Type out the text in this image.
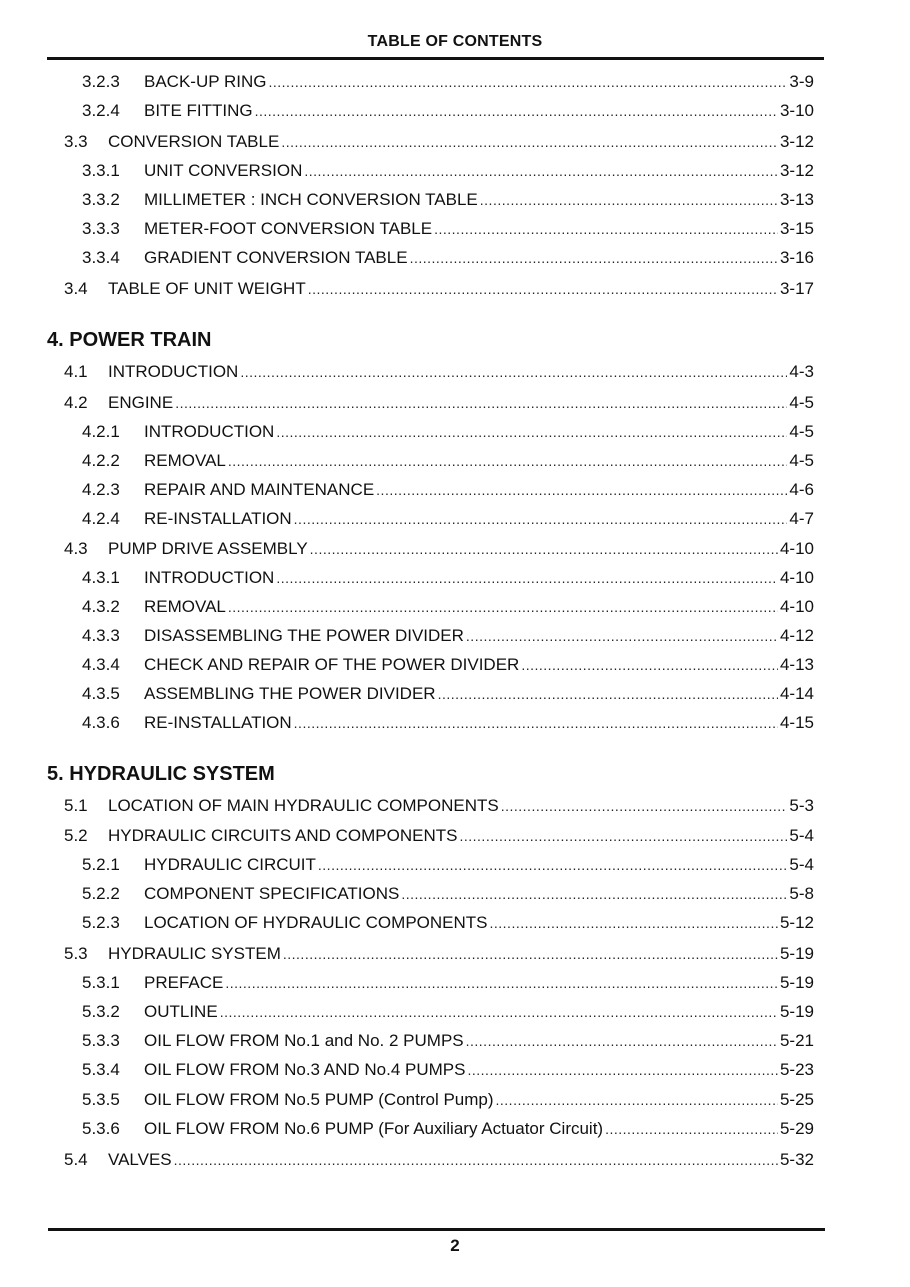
TABLE OF CONTENTS
3.2.3	BACK-UP RING .....	3-9
3.2.4	BITE FITTING .....	3-10
3.3	CONVERSION TABLE .....	3-12
3.3.1	UNIT CONVERSION .....	3-12
3.3.2	MILLIMETER : INCH CONVERSION TABLE .....	3-13
3.3.3	METER-FOOT CONVERSION TABLE .....	3-15
3.3.4	GRADIENT CONVERSION TABLE .....	3-16
3.4	TABLE OF UNIT WEIGHT .....	3-17
4. POWER TRAIN
4.1	INTRODUCTION .....	4-3
4.2	ENGINE .....	4-5
4.2.1	INTRODUCTION .....	4-5
4.2.2	REMOVAL .....	4-5
4.2.3	REPAIR AND MAINTENANCE .....	4-6
4.2.4	RE-INSTALLATION .....	4-7
4.3	PUMP DRIVE ASSEMBLY .....	4-10
4.3.1	INTRODUCTION .....	4-10
4.3.2	REMOVAL .....	4-10
4.3.3	DISASSEMBLING THE POWER DIVIDER .....	4-12
4.3.4	CHECK AND REPAIR OF THE POWER DIVIDER .....	4-13
4.3.5	ASSEMBLING THE POWER DIVIDER .....	4-14
4.3.6	RE-INSTALLATION .....	4-15
5. HYDRAULIC SYSTEM
5.1	LOCATION OF MAIN HYDRAULIC COMPONENTS .....	5-3
5.2	HYDRAULIC CIRCUITS AND COMPONENTS .....	5-4
5.2.1	HYDRAULIC CIRCUIT .....	5-4
5.2.2	COMPONENT SPECIFICATIONS .....	5-8
5.2.3	LOCATION OF HYDRAULIC COMPONENTS .....	5-12
5.3	HYDRAULIC SYSTEM .....	5-19
5.3.1	PREFACE .....	5-19
5.3.2	OUTLINE .....	5-19
5.3.3	OIL FLOW FROM No.1 and No. 2 PUMPS .....	5-21
5.3.4	OIL FLOW FROM No.3 AND No.4 PUMPS .....	5-23
5.3.5	OIL FLOW FROM No.5 PUMP (Control Pump) .....	5-25
5.3.6	OIL FLOW FROM No.6 PUMP (For Auxiliary Actuator Circuit) .....	5-29
5.4	VALVES .....	5-32
2
